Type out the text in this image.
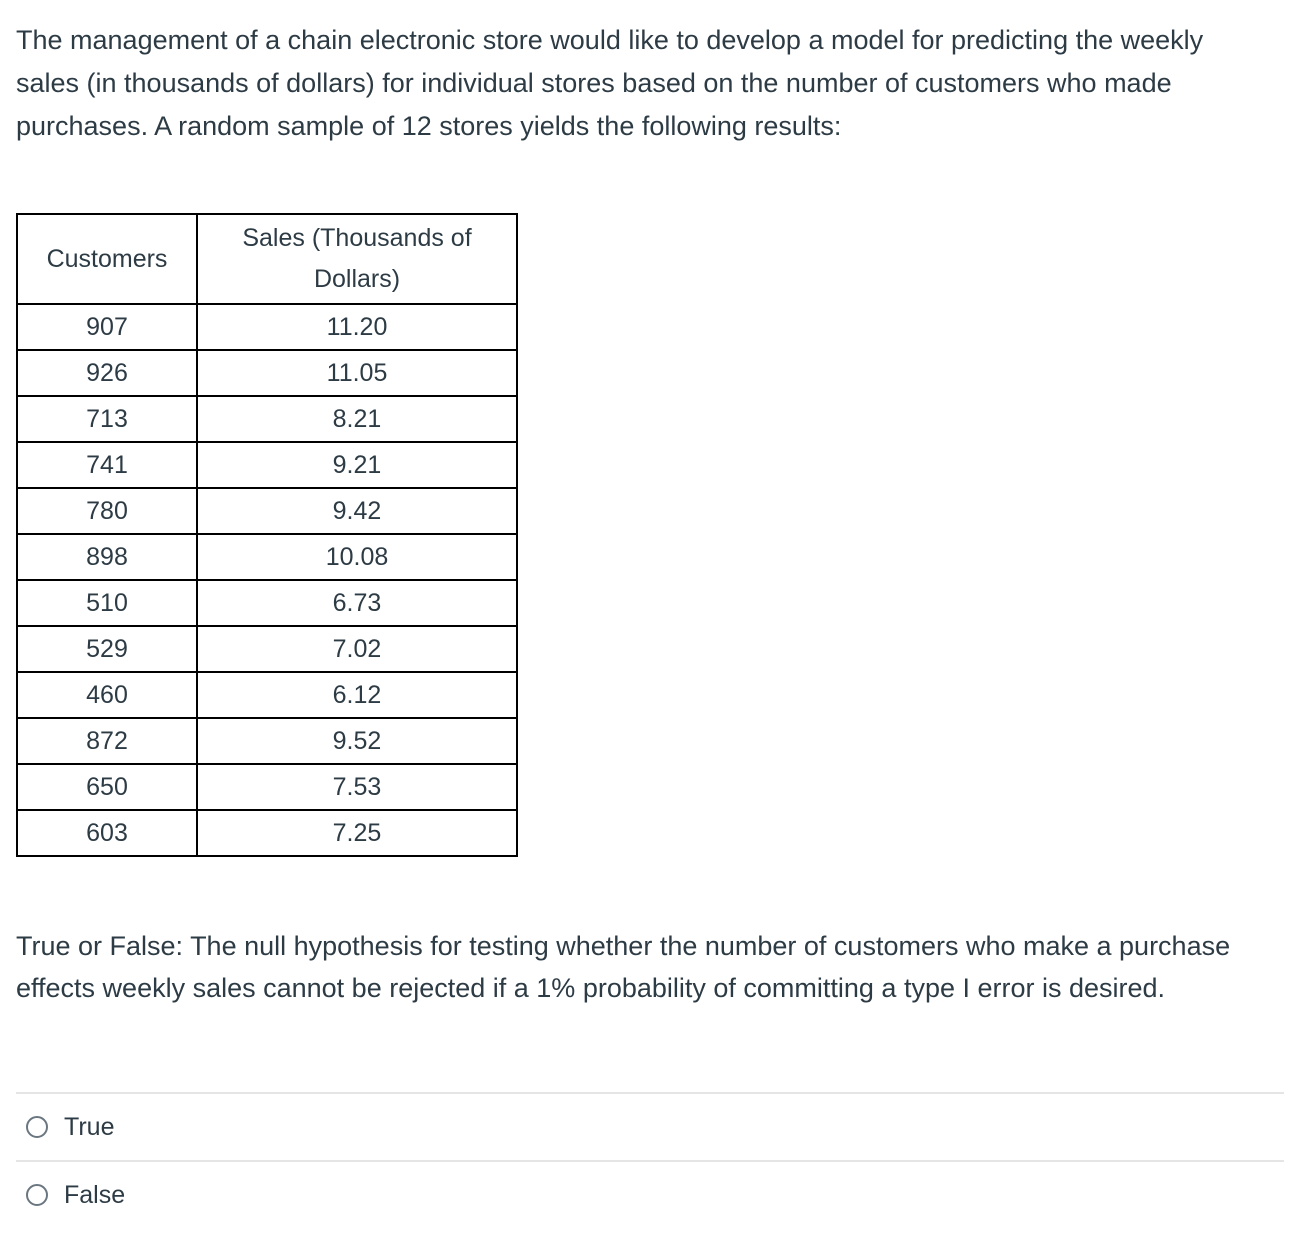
The management of a chain electronic store would like to develop a model for predicting the weekly sales (in thousands of dollars) for individual stores based on the number of customers who made purchases. A random sample of 12 stores yields the following results:

Customers	Sales (Thousands of Dollars)
907	11.20
926	11.05
713	8.21
741	9.21
780	9.42
898	10.08
510	6.73
529	7.02
460	6.12
872	9.52
650	7.53
603	7.25

True or False: The null hypothesis for testing whether the number of customers who make a purchase effects weekly sales cannot be rejected if a 1% probability of committing a type I error is desired.

True
False
